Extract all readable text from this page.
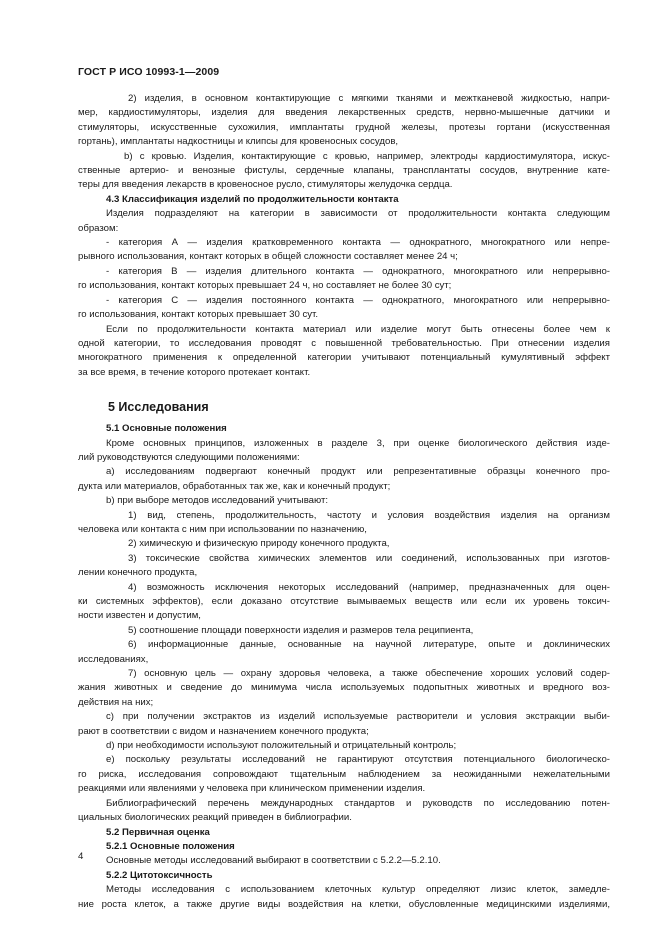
ГОСТ Р ИСО 10993-1—2009
2) изделия, в основном контактирующие с мягкими тканями и межтканевой жидкостью, напри-
мер, кардиостимуляторы, изделия для введения лекарственных средств, нервно-мышечные датчики и
стимуляторы, искусственные сухожилия, имплантаты грудной железы, протезы гортани (искусственная
гортань), имплантаты надкостницы и клипсы для кровеносных сосудов,
b) с кровью. Изделия, контактирующие с кровью, например, электроды кардиостимулятора, искус-
ственные артерио- и венозные фистулы, сердечные клапаны, трансплантаты сосудов, внутренние кате-
теры для введения лекарств в кровеносное русло, стимуляторы желудочка сердца.
4.3 Классификация изделий по продолжительности контакта
Изделия подразделяют на категории в зависимости от продолжительности контакта следующим
образом:
- категория А — изделия кратковременного контакта — однократного, многократного или непре-
рывного использования, контакт которых в общей сложности составляет менее 24 ч;
- категория В — изделия длительного контакта — однократного, многократного или непрерывно-
го использования, контакт которых превышает 24 ч, но составляет не более 30 сут;
- категория С — изделия постоянного контакта — однократного, многократного или непрерывно-
го использования, контакт которых превышает 30 сут.
Если по продолжительности контакта материал или изделие могут быть отнесены более чем к
одной категории, то исследования проводят с повышенной требовательностью. При отнесении изделия
многократного применения к определенной категории учитывают потенциальный кумулятивный эффект
за все время, в течение которого протекает контакт.
5 Исследования
5.1 Основные положения
Кроме основных принципов, изложенных в разделе 3, при оценке биологического действия изде-
лий руководствуются следующими положениями:
a) исследованиям подвергают конечный продукт или репрезентативные образцы конечного про-
дукта или материалов, обработанных так же, как и конечный продукт;
b) при выборе методов исследований учитывают:
1) вид, степень, продолжительность, частоту и условия воздействия изделия на организм
человека или контакта с ним при использовании по назначению,
2) химическую и физическую природу конечного продукта,
3) токсические свойства химических элементов или соединений, использованных при изготов-
лении конечного продукта,
4) возможность исключения некоторых исследований (например, предназначенных для оцен-
ки системных эффектов), если доказано отсутствие вымываемых веществ или если их уровень токсич-
ности известен и допустим,
5) соотношение площади поверхности изделия и размеров тела реципиента,
6) информационные данные, основанные на научной литературе, опыте и доклинических
исследованиях,
7) основную цель — охрану здоровья человека, а также обеспечение хороших условий содер-
жания животных и сведение до минимума числа используемых подопытных животных и вредного воз-
действия на них;
c) при получении экстрактов из изделий используемые растворители и условия экстракции выби-
рают в соответствии с видом и назначением конечного продукта;
d) при необходимости используют положительный и отрицательный контроль;
e) поскольку результаты исследований не гарантируют отсутствия потенциального биологическо-
го риска, исследования сопровождают тщательным наблюдением за неожиданными нежелательными
реакциями или явлениями у человека при клиническом применении изделия.
Библиографический перечень международных стандартов и руководств по исследованию потен-
циальных биологических реакций приведен в библиографии.
5.2 Первичная оценка
5.2.1 Основные положения
Основные методы исследований выбирают в соответствии с 5.2.2—5.2.10.
5.2.2 Цитотоксичность
Методы исследования с использованием клеточных культур определяют лизис клеток, замедле-
ние роста клеток, а также другие виды воздействия на клетки, обусловленные медицинскими изделиями,
4
